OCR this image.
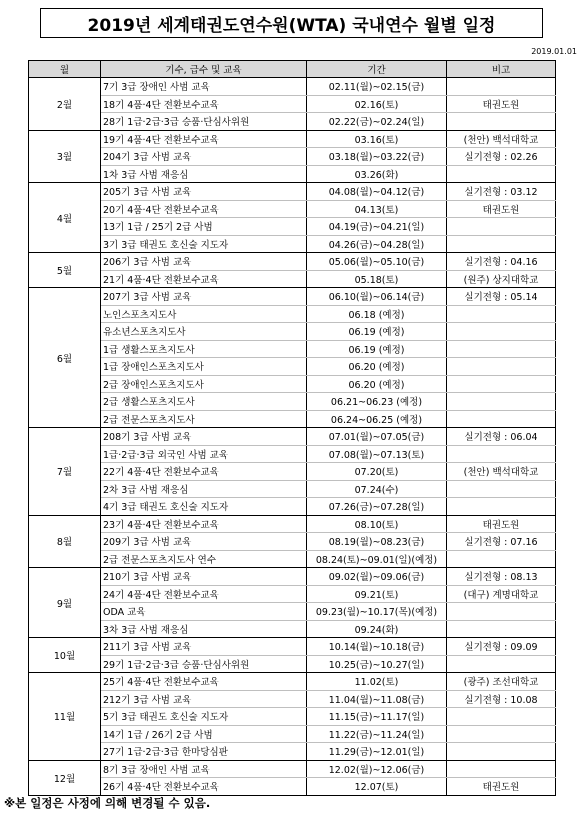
2019년 세계태권도연수원(WTA) 국내연수 월별 일정
2019.01.01
월	기수, 급수 및 교육	기간	비고
2월	7기 3급 장애인 사범 교육	02.11(월)~02.15(금)	
	18기 4품·4단 전환보수교육	02.16(토)	태권도원
	28기 1급·2급·3급 승품·단심사위원	02.22(금)~02.24(일)	
3월	19기 4품·4단 전환보수교육	03.16(토)	(천안) 백석대학교
	204기 3급 사범 교육	03.18(월)~03.22(금)	실기전형 : 02.26
	1차 3급 사범 재응심	03.26(화)	
4월	205기 3급 사범 교육	04.08(월)~04.12(금)	실기전형 : 03.12
	20기 4품·4단 전환보수교육	04.13(토)	태권도원
	13기 1급 / 25기 2급 사범	04.19(금)~04.21(일)	
	3기 3급 태권도 호신술 지도자	04.26(금)~04.28(일)	
5월	206기 3급 사범 교육	05.06(월)~05.10(금)	실기전형 : 04.16
	21기 4품·4단 전환보수교육	05.18(토)	(원주) 상지대학교
6월	207기 3급 사범 교육	06.10(월)~06.14(금)	실기전형 : 05.14
	노인스포츠지도사	06.18 (예정)	
	유소년스포츠지도사	06.19 (예정)	
	1급 생활스포츠지도사	06.19 (예정)	
	1급 장애인스포츠지도사	06.20 (예정)	
	2급 장애인스포츠지도사	06.20 (예정)	
	2급 생활스포츠지도사	06.21~06.23 (예정)	
	2급 전문스포츠지도사	06.24~06.25 (예정)	
7월	208기 3급 사범 교육	07.01(월)~07.05(금)	실기전형 : 06.04
	1급·2급·3급 외국인 사범 교육	07.08(월)~07.13(토)	
	22기 4품·4단 전환보수교육	07.20(토)	(천안) 백석대학교
	2차 3급 사범 재응심	07.24(수)	
	4기 3급 태권도 호신술 지도자	07.26(금)~07.28(일)	
8월	23기 4품·4단 전환보수교육	08.10(토)	태권도원
	209기 3급 사범 교육	08.19(월)~08.23(금)	실기전형 : 07.16
	2급 전문스포츠지도사 연수	08.24(토)~09.01(일)(예정)	
9월	210기 3급 사범 교육	09.02(월)~09.06(금)	실기전형 : 08.13
	24기 4품·4단 전환보수교육	09.21(토)	(대구) 계명대학교
	ODA 교육	09.23(월)~10.17(목)(예정)	
	3차 3급 사범 재응심	09.24(화)	
10월	211기 3급 사범 교육	10.14(월)~10.18(금)	실기전형 : 09.09
	29기 1급·2급·3급 승품·단심사위원	10.25(금)~10.27(일)	
11월	25기 4품·4단 전환보수교육	11.02(토)	(광주) 조선대학교
	212기 3급 사범 교육	11.04(월)~11.08(금)	실기전형 : 10.08
	5기 3급 태권도 호신술 지도자	11.15(금)~11.17(일)	
	14기 1급 / 26기 2급 사범	11.22(금)~11.24(일)	
	27기 1급·2급·3급 한마당심판	11.29(금)~12.01(일)	
12월	8기 3급 장애인 사범 교육	12.02(월)~12.06(금)	
	26기 4품·4단 전환보수교육	12.07(토)	태권도원
※본 일정은 사정에 의해 변경될 수 있음.
